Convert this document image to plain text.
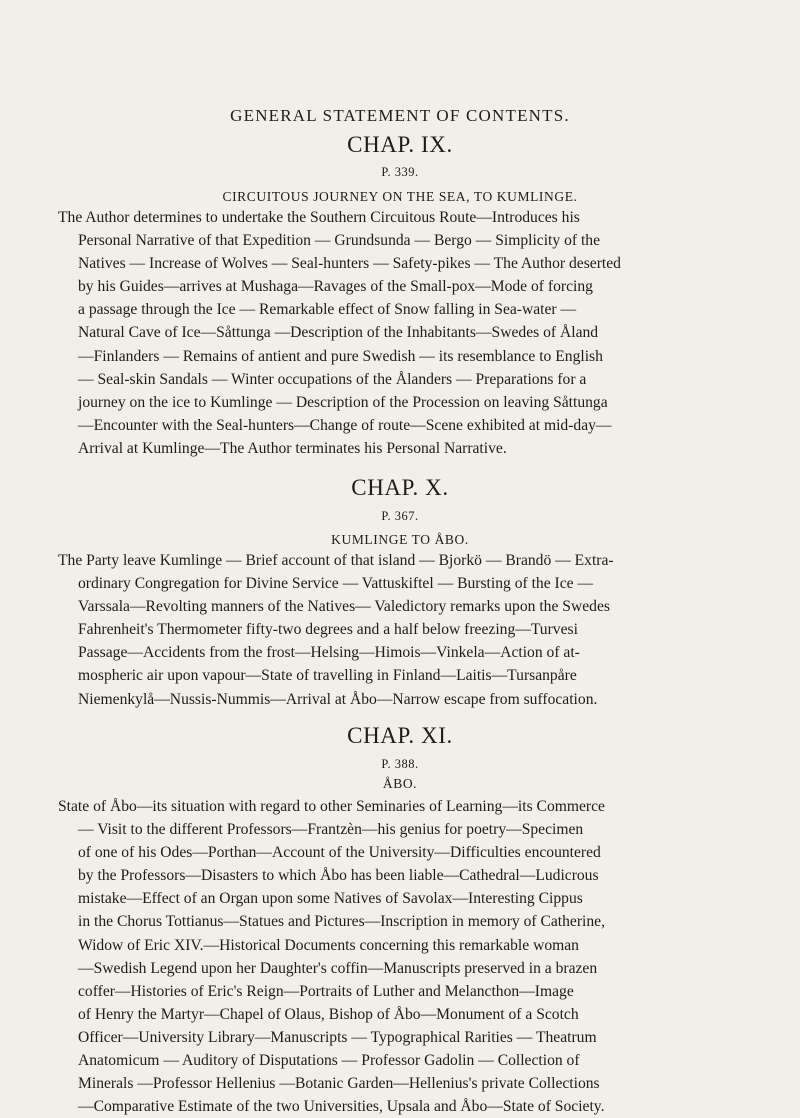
GENERAL STATEMENT OF CONTENTS.
CHAP. IX.
P. 339.
CIRCUITOUS JOURNEY ON THE SEA, TO KUMLINGE.
The Author determines to undertake the Southern Circuitous Route—Introduces his
Personal Narrative of that Expedition — Grundsunda — Bergo — Simplicity of the
Natives — Increase of Wolves — Seal-hunters — Safety-pikes — The Author deserted
by his Guides—arrives at Mushaga—Ravages of the Small-pox—Mode of forcing
a passage through the Ice — Remarkable effect of Snow falling in Sea-water —
Natural Cave of Ice—Såttunga —Description of the Inhabitants—Swedes of Åland
—Finlanders — Remains of antient and pure Swedish — its resemblance to English
— Seal-skin Sandals — Winter occupations of the Ålanders — Preparations for a
journey on the ice to Kumlinge — Description of the Procession on leaving Såttunga
—Encounter with the Seal-hunters—Change of route—Scene exhibited at mid-day—
Arrival at Kumlinge—The Author terminates his Personal Narrative.
CHAP. X.
P. 367.
KUMLINGE TO ÅBO.
The Party leave Kumlinge — Brief account of that island — Bjorkö — Brandö — Extra-
ordinary Congregation for Divine Service — Vattuskiftel — Bursting of the Ice —
Varssala—Revolting manners of the Natives— Valedictory remarks upon the Swedes
Fahrenheit's Thermometer fifty-two degrees and a half below freezing—Turvesi
Passage—Accidents from the frost—Helsing—Himois—Vinkela—Action of at-
mospheric air upon vapour—State of travelling in Finland—Laitis—Tursanpåre
Niemenkylå—Nussis-Nummis—Arrival at Åbo—Narrow escape from suffocation.
CHAP. XI.
P. 388.
ÅBO.
State of Åbo—its situation with regard to other Seminaries of Learning—its Commerce
— Visit to the different Professors—Frantzèn—his genius for poetry—Specimen
of one of his Odes—Porthan—Account of the University—Difficulties encountered
by the Professors—Disasters to which Åbo has been liable—Cathedral—Ludicrous
mistake—Effect of an Organ upon some Natives of Savolax—Interesting Cippus
in the Chorus Tottianus—Statues and Pictures—Inscription in memory of Catherine,
Widow of Eric XIV.—Historical Documents concerning this remarkable woman
—Swedish Legend upon her Daughter's coffin—Manuscripts preserved in a brazen
coffer—Histories of Eric's Reign—Portraits of Luther and Melancthon—Image
of Henry the Martyr—Chapel of Olaus, Bishop of Åbo—Monument of a Scotch
Officer—University Library—Manuscripts — Typographical Rarities — Theatrum
Anatomicum — Auditory of Disputations — Professor Gadolin — Collection of
Minerals —Professor Hellenius —Botanic Garden—Hellenius's private Collections
—Comparative Estimate of the two Universities, Upsala and Åbo—State of Society.
